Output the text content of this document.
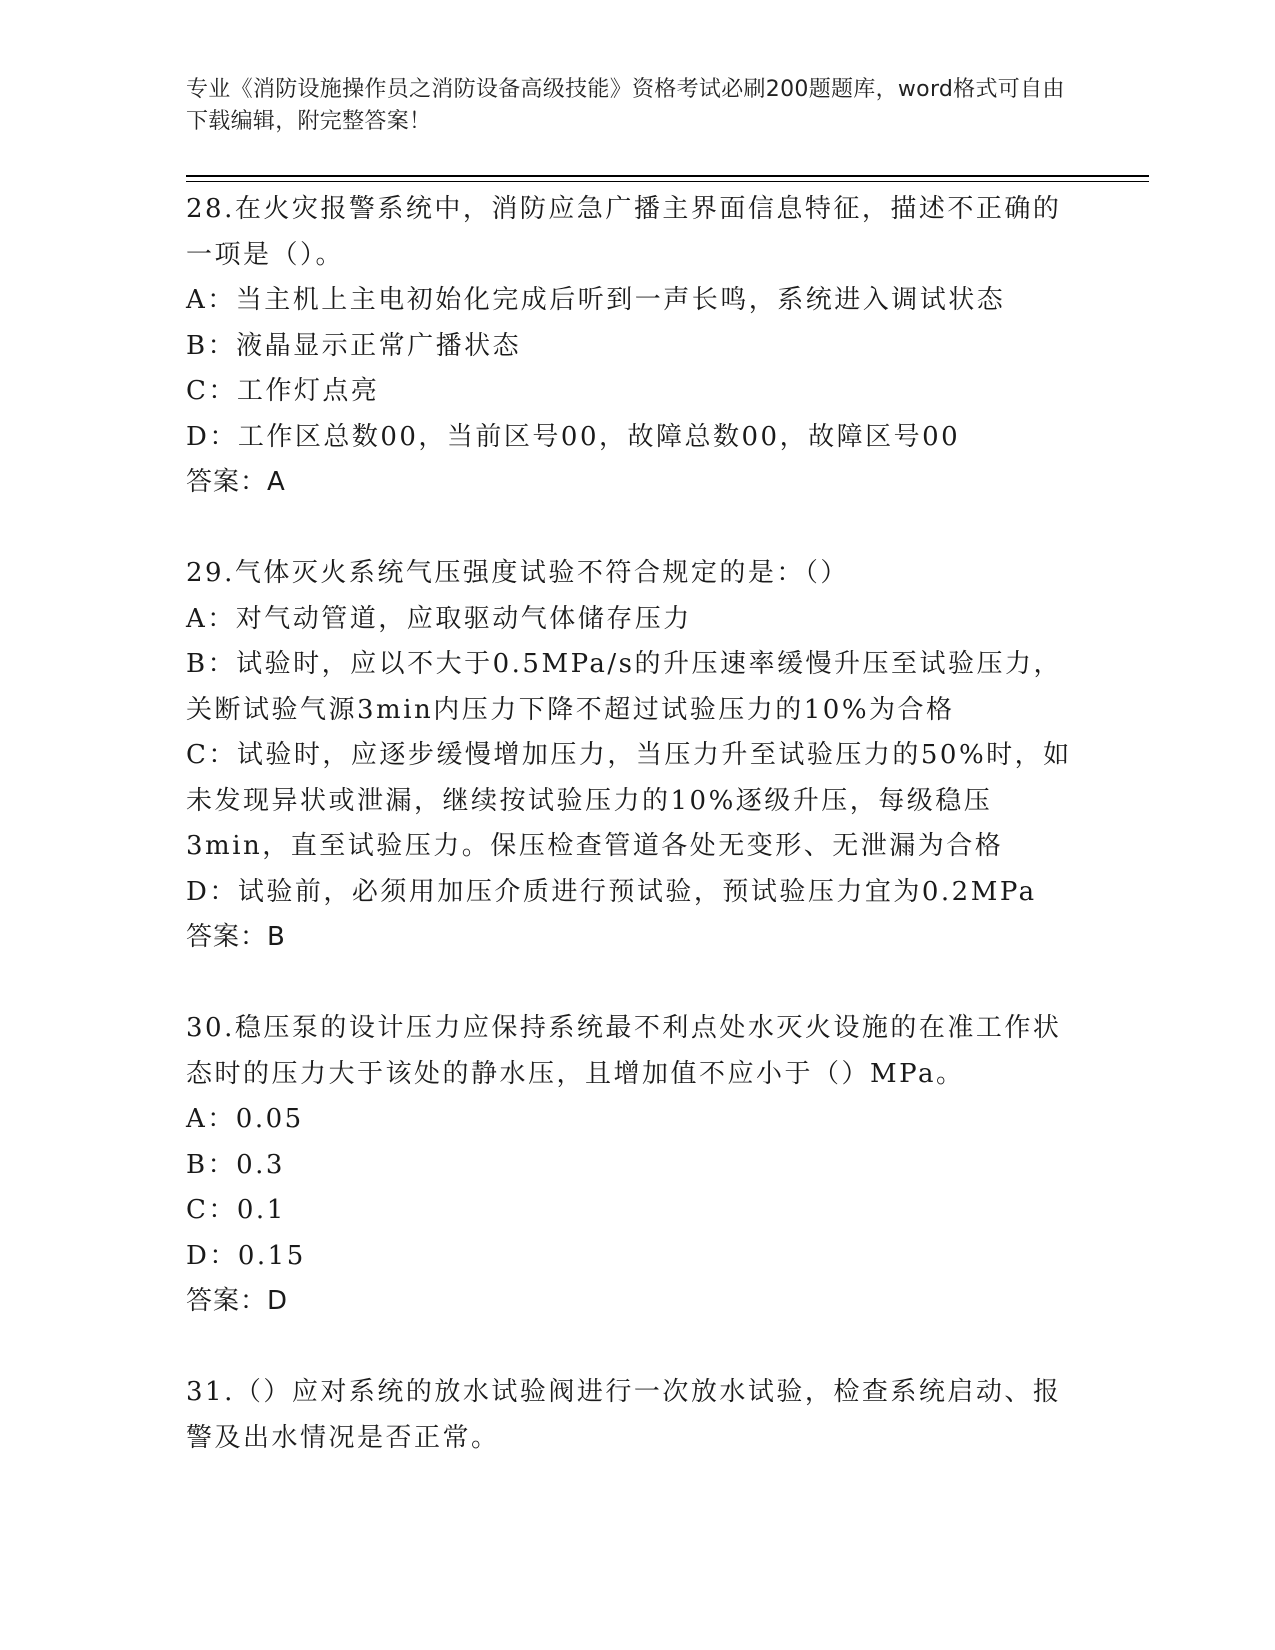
专业《消防设施操作员之消防设备高级技能》资格考试必刷200题题库，word格式可自由下载编辑，附完整答案！

28.在火灾报警系统中，消防应急广播主界面信息特征，描述不正确的一项是（）。

A：当主机上主电初始化完成后听到一声长鸣，系统进入调试状态

B：液晶显示正常广播状态

C：工作灯点亮

D：工作区总数00，当前区号00，故障总数00，故障区号00

答案：A

29.气体灭火系统气压强度试验不符合规定的是：（）

A：对气动管道，应取驱动气体储存压力

B：试验时，应以不大于0.5MPa/s的升压速率缓慢升压至试验压力，关断试验气源3min内压力下降不超过试验压力的10%为合格

C：试验时，应逐步缓慢增加压力，当压力升至试验压力的50%时，如未发现异状或泄漏，继续按试验压力的10%逐级升压，每级稳压3min，直至试验压力。保压检查管道各处无变形、无泄漏为合格

D：试验前，必须用加压介质进行预试验，预试验压力宜为0.2MPa

答案：B

30.稳压泵的设计压力应保持系统最不利点处水灭火设施的在准工作状态时的压力大于该处的静水压，且增加值不应小于（）MPa。

A：0.05

B：0.3

C：0.1

D：0.15

答案：D

31.（）应对系统的放水试验阀进行一次放水试验，检查系统启动、报警及出水情况是否正常。
